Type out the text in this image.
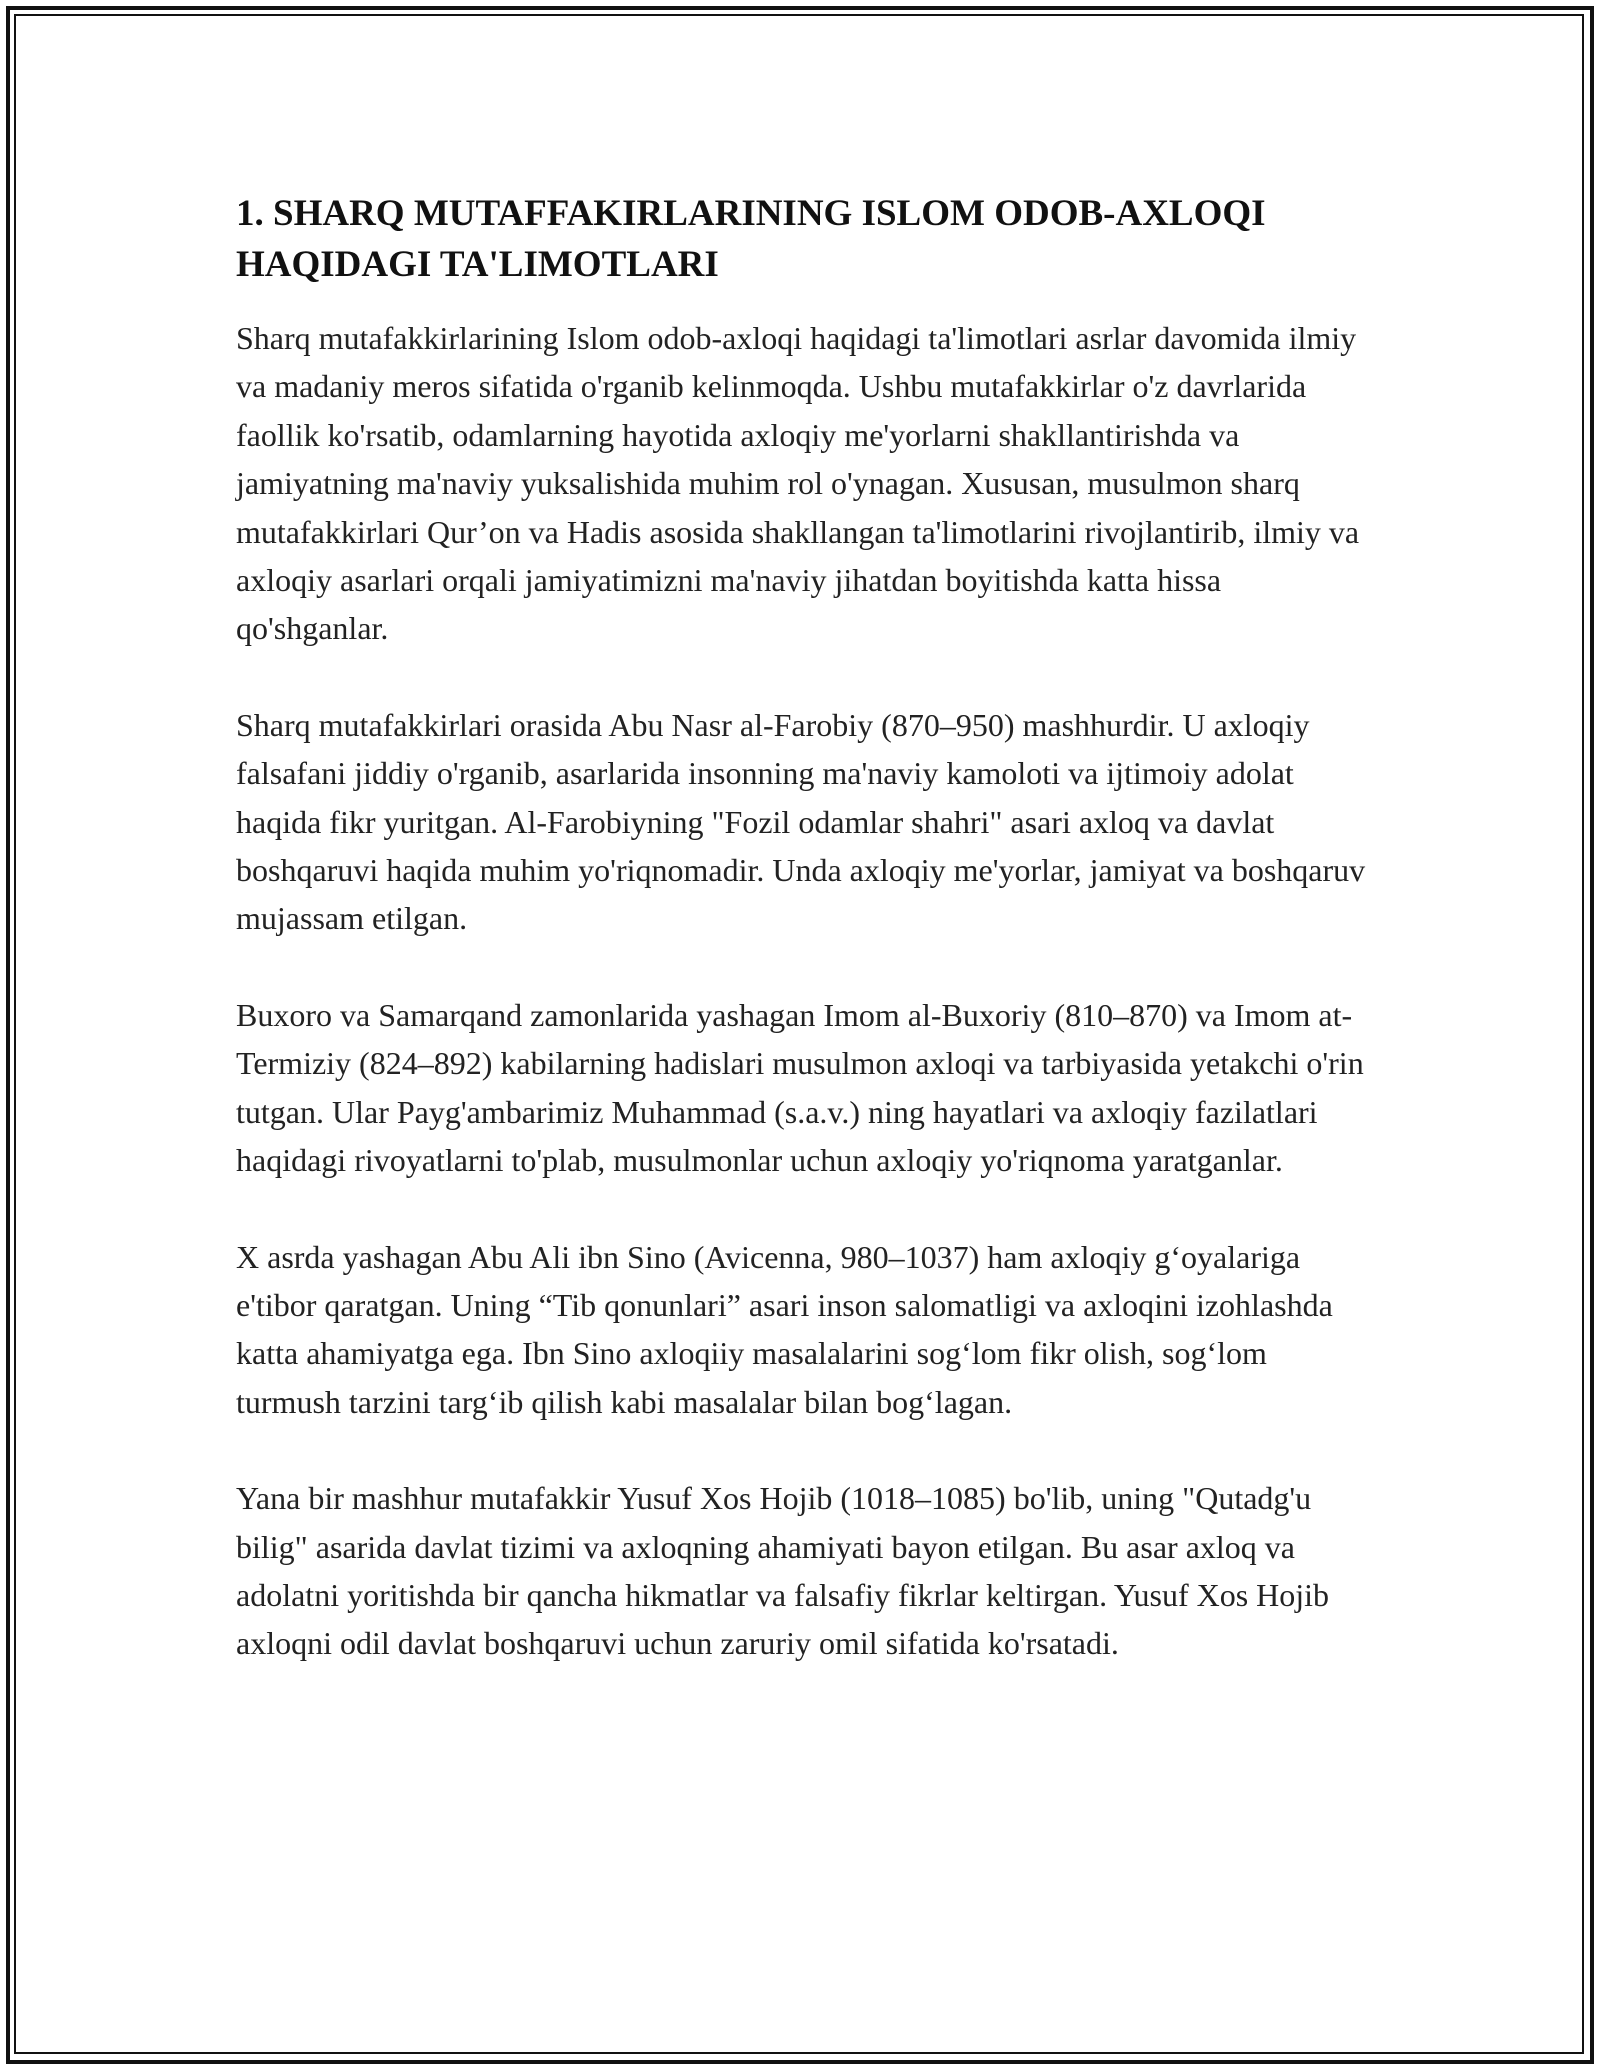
1. SHARQ MUTAFFAKIRLARINING ISLOM ODOB-AXLOQI HAQIDAGI TA'LIMOTLARI

Sharq mutafakkirlarining Islom odob-axloqi haqidagi ta'limotlari asrlar davomida ilmiy va madaniy meros sifatida o'rganib kelinmoqda. Ushbu mutafakkirlar o'z davrlarida faollik ko'rsatib, odamlarning hayotida axloqiy me'yorlarni shakllantirishda va jamiyatning ma'naviy yuksalishida muhim rol o'ynagan. Xususan, musulmon sharq mutafakkirlari Qur’on va Hadis asosida shakllangan ta'limotlarini rivojlantirib, ilmiy va axloqiy asarlari orqali jamiyatimizni ma'naviy jihatdan boyitishda katta hissa qo'shganlar.

Sharq mutafakkirlari orasida Abu Nasr al-Farobiy (870–950) mashhurdir. U axloqiy falsafani jiddiy o'rganib, asarlarida insonning ma'naviy kamoloti va ijtimoiy adolat haqida fikr yuritgan. Al-Farobiyning "Fozil odamlar shahri" asari axloq va davlat boshqaruvi haqida muhim yo'riqnomadir. Unda axloqiy me'yorlar, jamiyat va boshqaruv mujassam etilgan.

Buxoro va Samarqand zamonlarida yashagan Imom al-Buxoriy (810–870) va Imom at-Termiziy (824–892) kabilarning hadislari musulmon axloqi va tarbiyasida yetakchi o'rin tutgan. Ular Payg'ambarimiz Muhammad (s.a.v.) ning hayatlari va axloqiy fazilatlari haqidagi rivoyatlarni to'plab, musulmonlar uchun axloqiy yo'riqnoma yaratganlar.

X asrda yashagan Abu Ali ibn Sino (Avicenna, 980–1037) ham axloqiy g‘oyalariga e'tibor qaratgan. Uning “Tib qonunlari” asari inson salomatligi va axloqini izohlashda katta ahamiyatga ega. Ibn Sino axloqiiy masalalarini sog‘lom fikr olish, sog‘lom turmush tarzini targ‘ib qilish kabi masalalar bilan bog‘lagan.

Yana bir mashhur mutafakkir Yusuf Xos Hojib (1018–1085) bo'lib, uning "Qutadg'u bilig" asarida davlat tizimi va axloqning ahamiyati bayon etilgan. Bu asar axloq va adolatni yoritishda bir qancha hikmatlar va falsafiy fikrlar keltirgan. Yusuf Xos Hojib axloqni odil davlat boshqaruvi uchun zaruriy omil sifatida ko'rsatadi.
